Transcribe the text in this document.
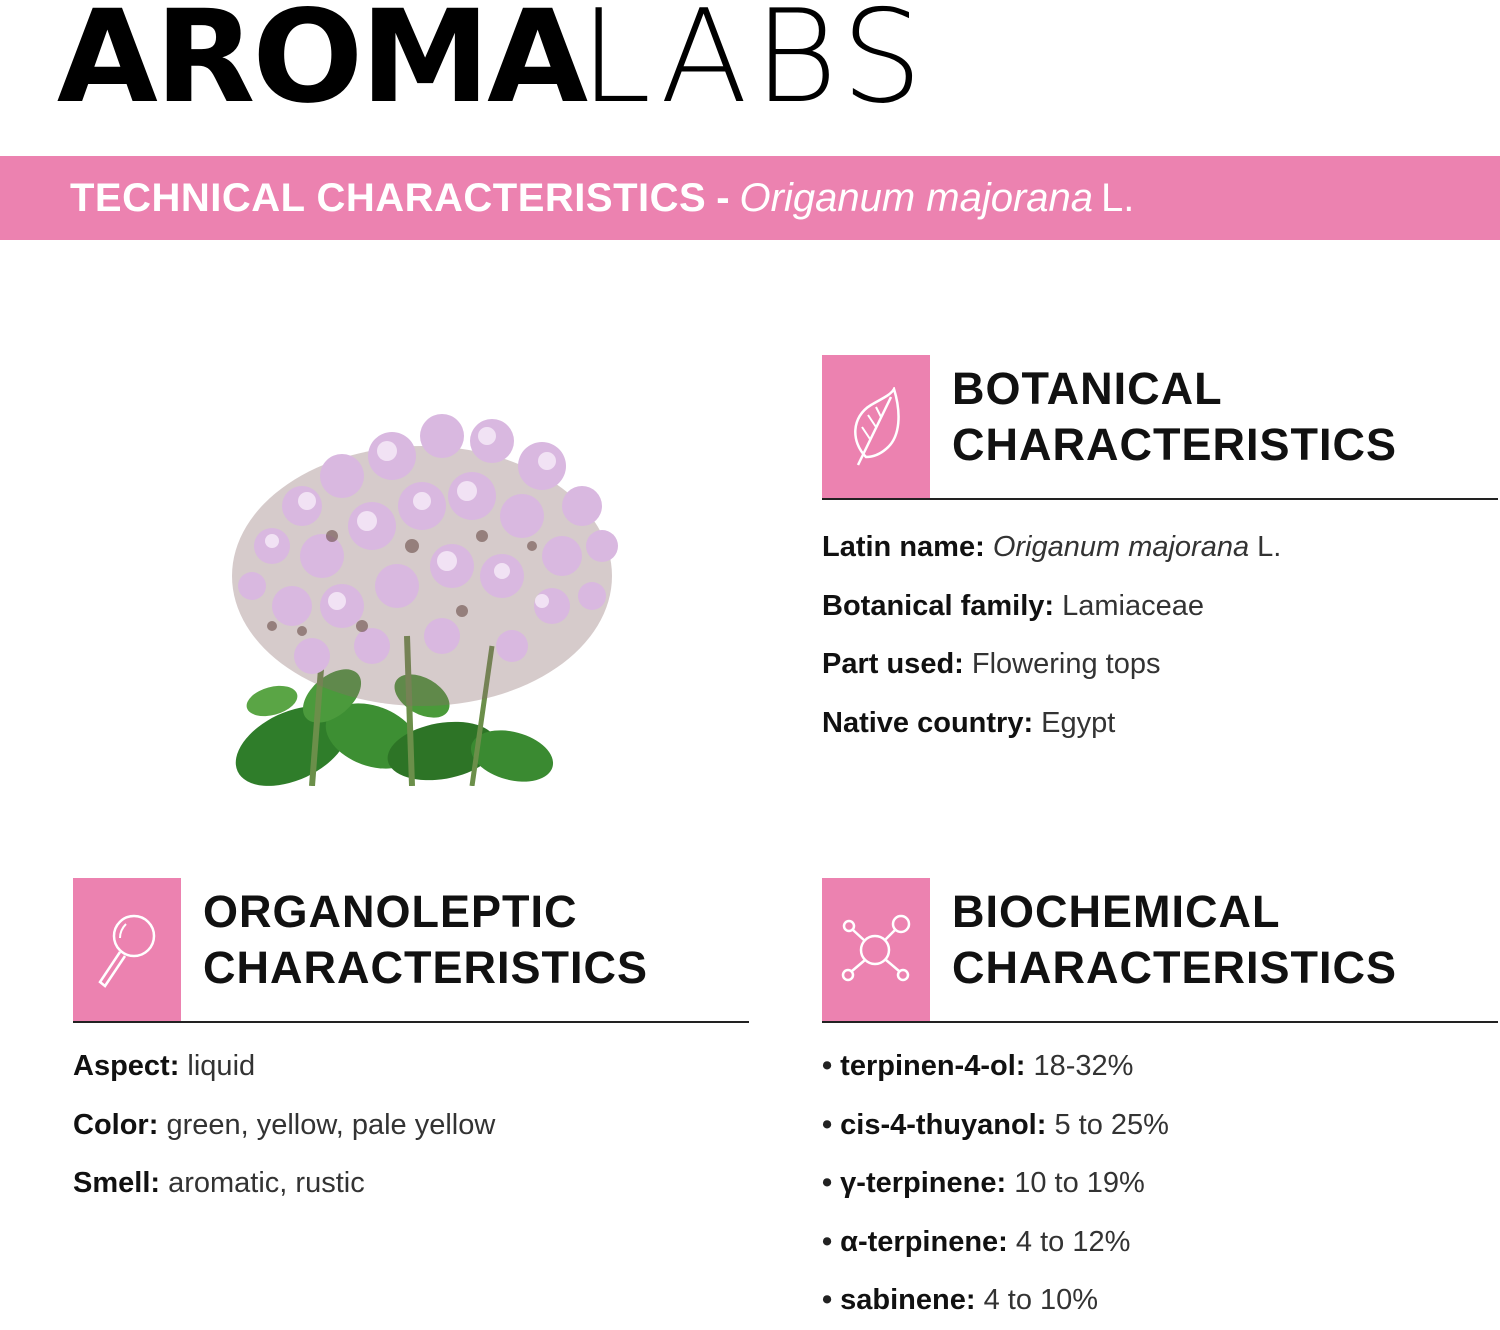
AROMALABS
TECHNICAL CHARACTERISTICS - Origanum majorana L.
BOTANICAL
CHARACTERISTICS
Latin name: Origanum majorana L.
Botanical family: Lamiaceae
Part used: Flowering tops
Native country: Egypt
ORGANOLEPTIC
CHARACTERISTICS
Aspect: liquid
Color: green, yellow, pale yellow
Smell: aromatic, rustic
BIOCHEMICAL
CHARACTERISTICS
• terpinen-4-ol: 18-32%
• cis-4-thuyanol: 5 to 25%
• γ-terpinene: 10 to 19%
• α-terpinene: 4 to 12%
• sabinene: 4 to 10%
